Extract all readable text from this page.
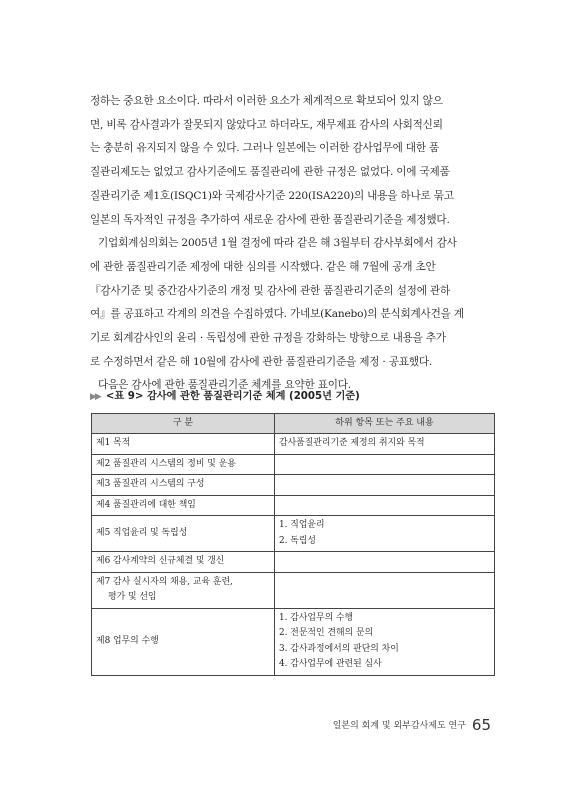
정하는 중요한 요소이다. 따라서 이러한 요소가 체계적으로 확보되어 있지 않으
면, 비록 감사결과가 잘못되지 않았다고 하더라도, 재무제표 감사의 사회적신뢰
는 충분히 유지되지 않을 수 있다. 그러나 일본에는 이러한 감사업무에 대한 품
질관리제도는 없었고 감사기준에도 품질관리에 관한 규정은 없었다. 이에 국제품
질관리기준 제1호(ISQC1)와 국제감사기준 220(ISA220)의 내용을 하나로 묶고
일본의 독자적인 규정을 추가하여 새로운 감사에 관한 품질관리기준을 제정했다.

기업회계심의회는 2005년 1월 결정에 따라 같은 해 3월부터 감사부회에서 감사
에 관한 품질관리기준 제정에 대한 심의를 시작했다. 같은 해 7월에 공개 초안
『감사기준 및 중간감사기준의 개정 및 감사에 관한 품질관리기준의 설정에 관하
여』를 공표하고 각계의 의견을 수집하였다. 가네보(Kanebo)의 분식회계사건을 계
기로 회계감사인의 윤리 · 독립성에 관한 규정을 강화하는 방향으로 내용을 추가
로 수정하면서 같은 해 10월에 감사에 관한 품질관리기준을 제정 · 공표했다.

다음은 감사에 관한 품질관리기준 체계를 요약한 표이다.

▶▶ <표 9> 감사에 관한 품질관리기준 체계 (2005년 기준)
구 분	하위 항목 또는 주요 내용

제1 목적	감사품질관리기준 제정의 취지와 목적

제2 품질관리 시스템의 정비 및 운용	

제3 품질관리 시스템의 구성	

제4 품질관리에 대한 책임	

제5 직업윤리 및 독립성	1. 직업윤리
2. 독립성

제6 감사계약의 신규체결 및 갱신	

제7 감사 실시자의 채용, 교육 훈련,
평가 및 선임	

제8 업무의 수행	1. 감사업무의 수행
2. 전문적인 견해의 문의
3. 감사과정에서의 판단의 차이
4. 감사업무에 관련된 심사
일본의 회계 및 외부감사제도 연구 65
